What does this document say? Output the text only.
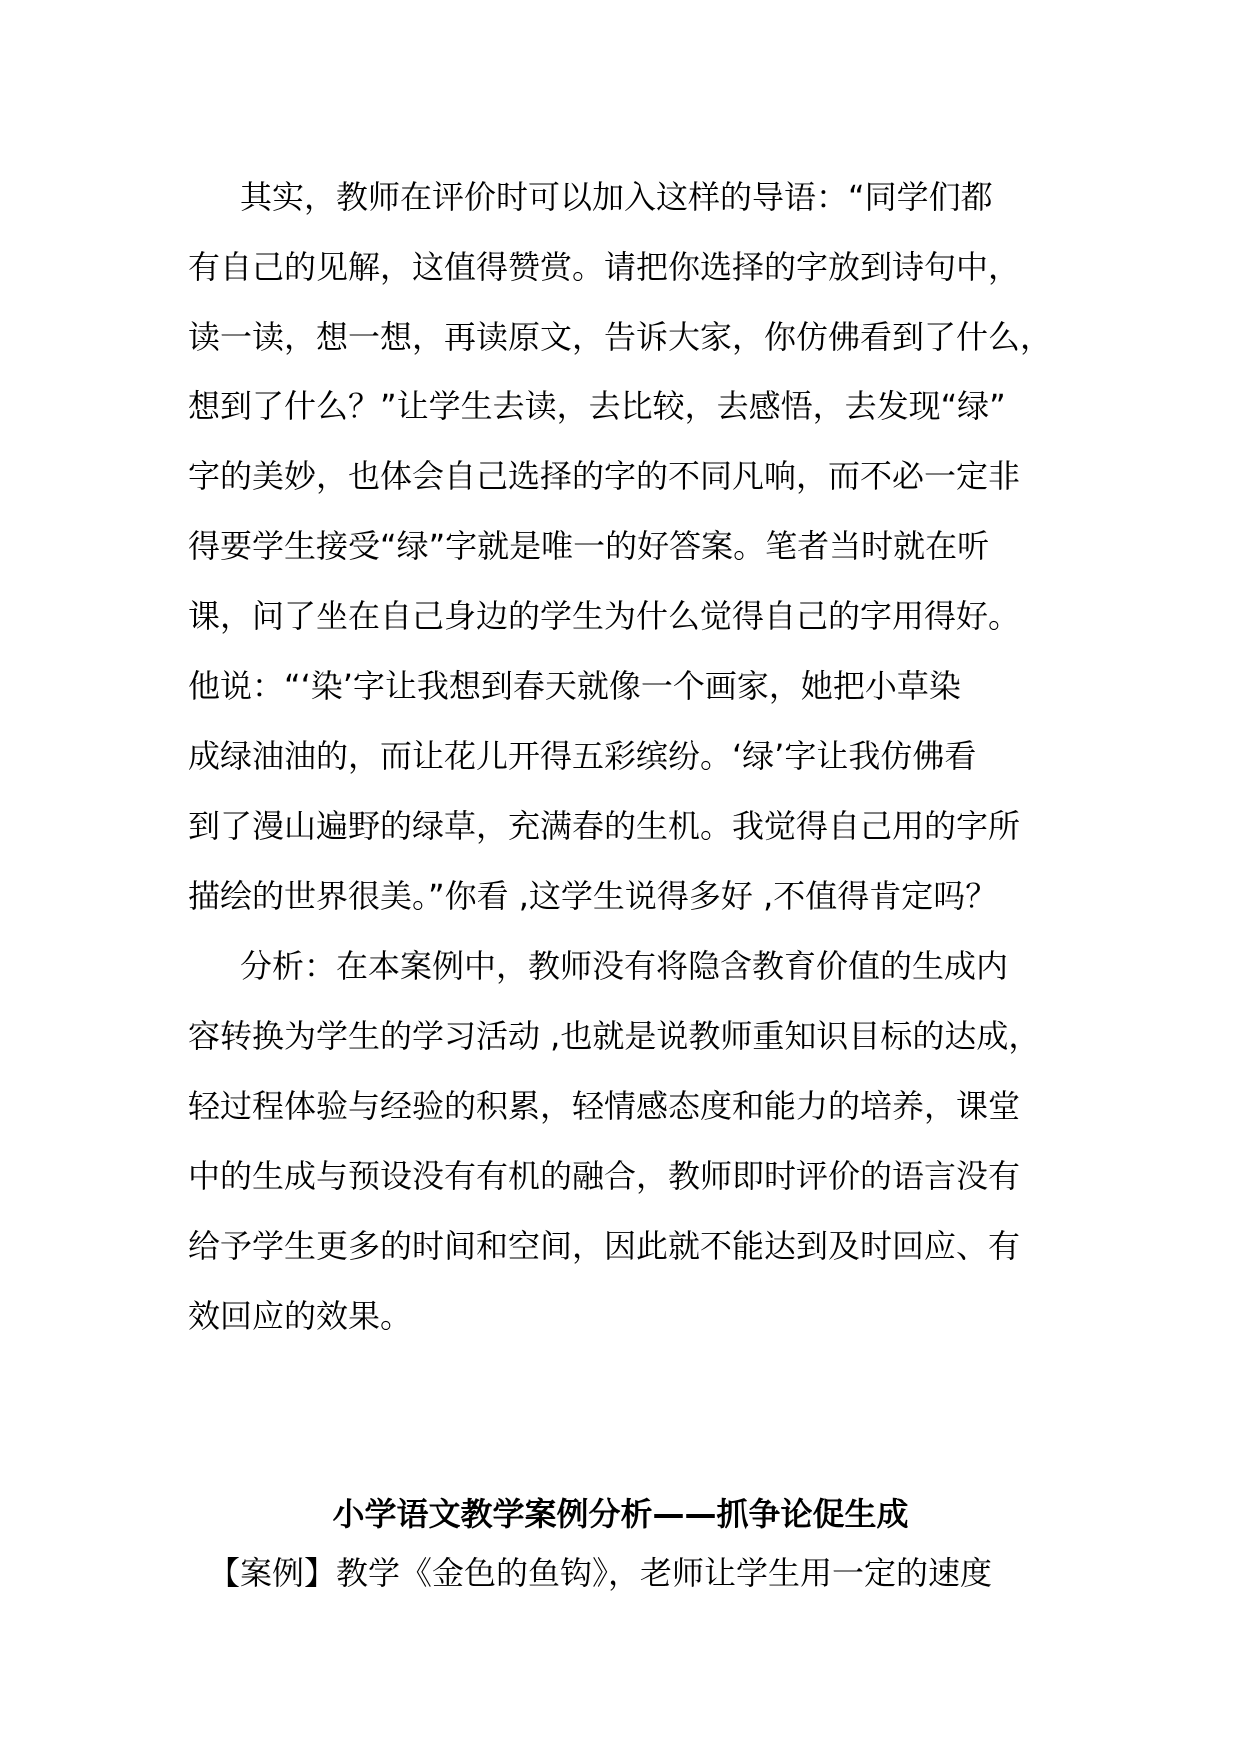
其实，教师在评价时可以加入这样的导语：“同学们都
有自己的见解，这值得赞赏。请把你选择的字放到诗句中，
读一读，想一想，再读原文，告诉大家，你仿佛看到了什么，
想到了什么？”让学生去读，去比较，去感悟，去发现“绿”
字的美妙，也体会自己选择的字的不同凡响，而不必一定非
得要学生接受“绿”字就是唯一的好答案。笔者当时就在听
课，问了坐在自己身边的学生为什么觉得自己的字用得好。
他说：“‘染’字让我想到春天就像一个画家，她把小草染
成绿油油的，而让花儿开得五彩缤纷。‘绿’字让我仿佛看
到了漫山遍野的绿草，充满春的生机。我觉得自己用的字所
描绘的世界很美。”你看 ,这学生说得多好 ,不值得肯定吗？
分析：在本案例中，教师没有将隐含教育价值的生成内
容转换为学生的学习活动 ,也就是说教师重知识目标的达成，
轻过程体验与经验的积累，轻情感态度和能力的培养，课堂
中的生成与预设没有有机的融合，教师即时评价的语言没有
给予学生更多的时间和空间，因此就不能达到及时回应、有
效回应的效果。
小学语文教学案例分析——抓争论促生成
【案例】教学《金色的鱼钩》，老师让学生用一定的速度
